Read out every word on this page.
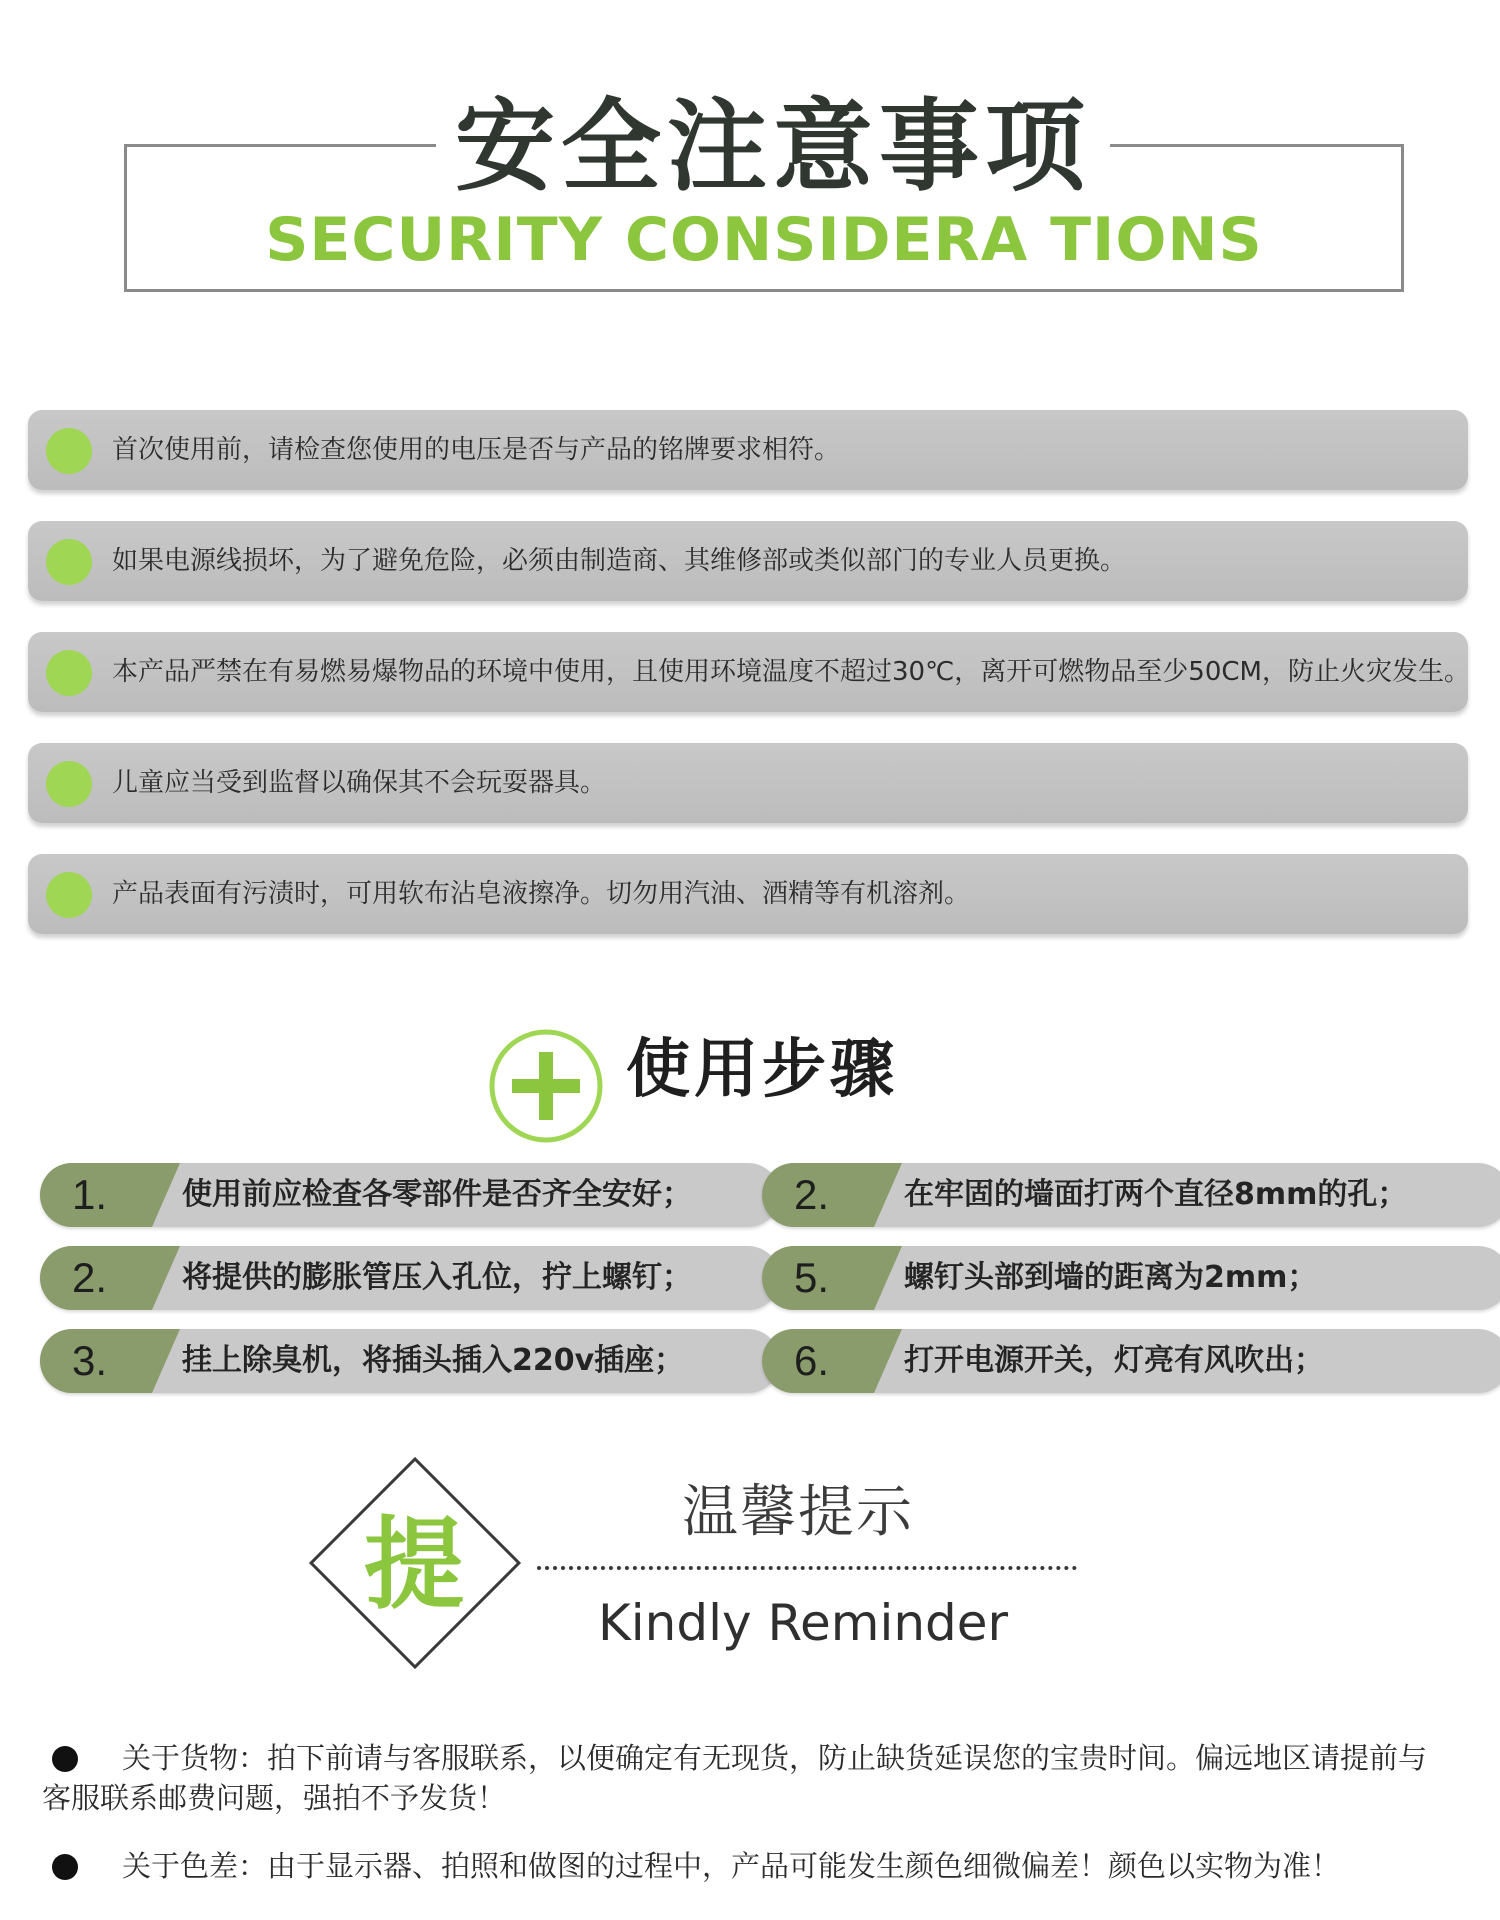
安全注意事项
SECURITY CONSIDERA TIONS
首次使用前，请检查您使用的电压是否与产品的铭牌要求相符。
如果电源线损坏，为了避免危险，必须由制造商、其维修部或类似部门的专业人员更换。
本产品严禁在有易燃易爆物品的环境中使用，且使用环境温度不超过30℃，离开可燃物品至少50CM，防止火灾发生。
儿童应当受到监督以确保其不会玩耍器具。
产品表面有污渍时，可用软布沾皂液擦净。切勿用汽油、酒精等有机溶剂。
使用步骤
1. 使用前应检查各零部件是否齐全安好； 2. 在牢固的墙面打两个直径8mm的孔；
2. 将提供的膨胀管压入孔位，拧上螺钉； 5. 螺钉头部到墙的距离为2mm；
3. 挂上除臭机，将插头插入220v插座；	6. 打开电源开关，灯亮有风吹出；
提	温馨提示
Kindly Reminder
关于货物：拍下前请与客服联系，以便确定有无现货，防止缺货延误您的宝贵时间。偏远地区请提前与客服联系邮费问题，强拍不予发货！
关于色差：由于显示器、拍照和做图的过程中，产品可能发生颜色细微偏差！颜色以实物为准！
